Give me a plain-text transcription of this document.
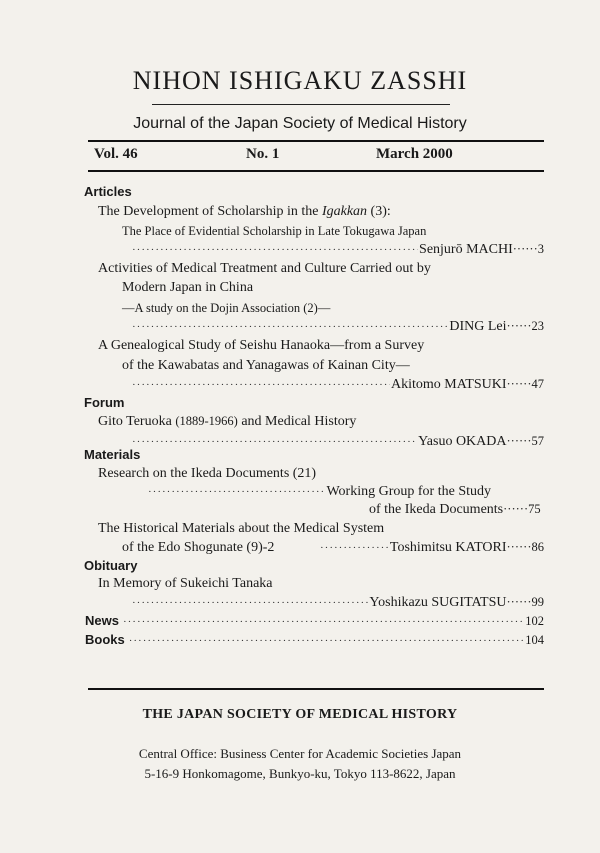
NIHON ISHIGAKU ZASSHI
Journal of the Japan Society of Medical History
Vol. 46	No. 1	March 2000
Articles
The Development of Scholarship in the Igakkan (3):
The Place of Evidential Scholarship in Late Tokugawa Japan
·····
Senjurō MACHI ······ 3
Activities of Medical Treatment and Culture Carried out by
Modern Japan in China
—A study on the Dojin Association (2)—
·····
DING Lei ······ 23
A Genealogical Study of Seishu Hanaoka—from a Survey
of the Kawabatas and Yanagawas of Kainan City—
·····
Akitomo MATSUKI ······ 47
Forum
Gito Teruoka (1889-1966) and Medical History
·····
Yasuo OKADA ······ 57
Materials
Research on the Ikeda Documents (21)
·····
Working Group for the Study
of the Ikeda Documents······75
The Historical Materials about the Medical System
of the Edo Shogunate (9)-2 ·····	Toshimitsu KATORI ······ 86
Obituary
In Memory of Sukeichi Tanaka
·····
Yoshikazu SUGITATSU ······ 99
News ·····	102
Books ·····	104
THE JAPAN SOCIETY OF MEDICAL HISTORY
Central Office: Business Center for Academic Societies Japan
5-16-9 Honkomagome, Bunkyo-ku, Tokyo 113-8622, Japan
